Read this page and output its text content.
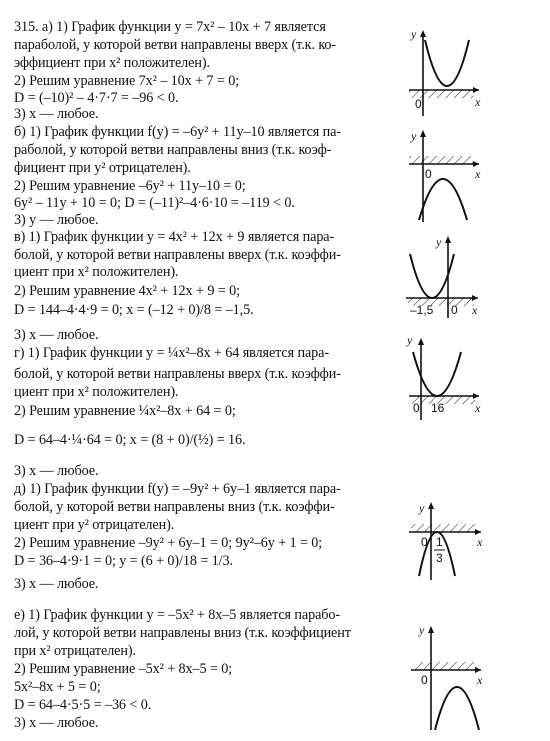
315. а) 1) График функции y = 7x² – 10x + 7 является
параболой, у которой ветви направлены вверх (т.к. ко-
эффициент при x² положителен).
2) Решим уравнение 7x² – 10x + 7 = 0;
D = (–10)² – 4·7·7 = –96 < 0.
3) x — любое.
б) 1) График функции f(y) = –6y² + 11y–10 является па-
раболой, у которой ветви направлены вниз (т.к. коэф-
фициент при y² отрицателен).
2) Решим уравнение –6y² + 11y–10 = 0;
6y² – 11y + 10 = 0; D = (–11)²–4·6·10 = –119 < 0.
3) y — любое.
в) 1) График функции y = 4x² + 12x + 9 является пара-
болой, у которой ветви направлены вверх (т.к. коэффи-
циент при x² положителен).
2) Решим уравнение 4x² + 12x + 9 = 0;
D = 144–4·4·9 = 0; x = (–12 + 0)/8 = –1,5.
3) x — любое.
г) 1) График функции y = ¼x²–8x + 64 является пара-
болой, у которой ветви направлены вверх (т.к. коэффи-
циент при x² положителен).
2) Решим уравнение ¼x²–8x + 64 = 0;
D = 64–4·¼·64 = 0; x = (8 + 0)/(½) = 16.
3) x — любое.
д) 1) График функции f(y) = –9y² + 6y–1 является пара-
болой, у которой ветви направлены вниз (т.к. коэффи-
циент при y² отрицателен).
2) Решим уравнение –9y² + 6y–1 = 0; 9y²–6y + 1 = 0;
D = 36–4·9·1 = 0; y = (6 + 0)/18 = 1/3.
3) x — любое.
е) 1) График функции y = –5x² + 8x–5 является парабо-
лой, у которой ветви направлены вниз (т.к. коэффициент
при x² отрицателен).
2) Решим уравнение –5x² + 8x–5 = 0;
5x²–8x + 5 = 0;
D = 64–4·5·5 = –36 < 0.
3) x — любое.
y
x
0
y
x
0
y
x
–1,5 0
y
x
0 16
y
x
0 1
3
y
x
0
